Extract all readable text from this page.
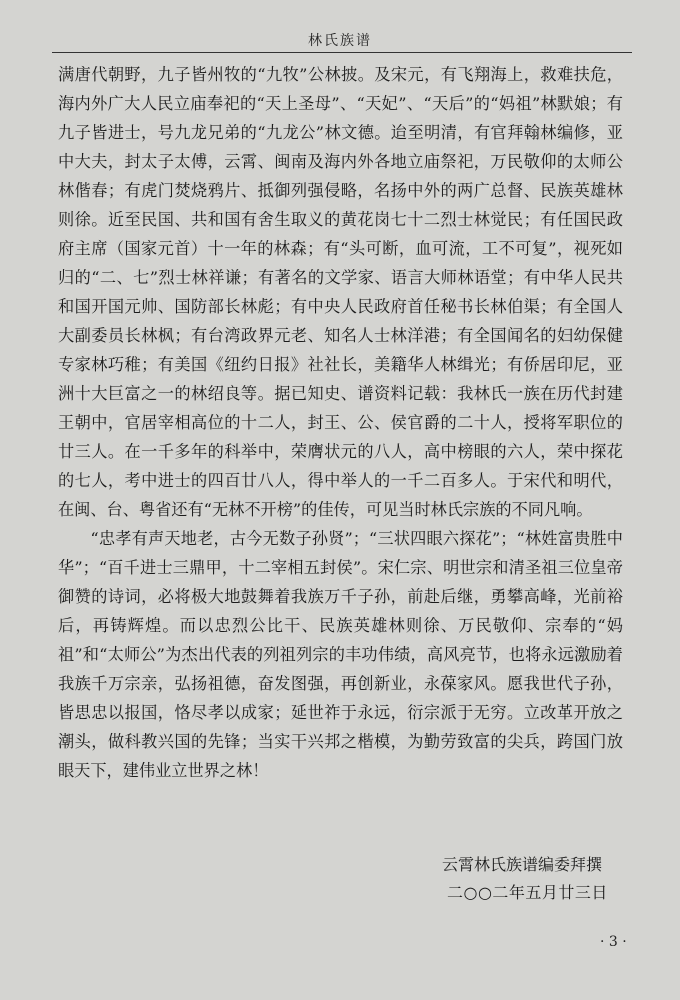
林氏族谱

满唐代朝野，九子皆州牧的“九牧”公林披。及宋元，有飞翔海上，救难扶危，海内外广大人民立庙奉祀的“天上圣母”、“天妃”、“天后”的“妈祖”林默娘；有九子皆进士，号九龙兄弟的“九龙公”林文德。迨至明清，有官拜翰林编修，亚中大夫，封太子太傅，云霄、闽南及海内外各地立庙祭祀，万民敬仰的太师公林偕春；有虎门焚烧鸦片、抵御列强侵略，名扬中外的两广总督、民族英雄林则徐。近至民国、共和国有舍生取义的黄花岗七十二烈士林觉民；有任国民政府主席（国家元首）十一年的林森；有“头可断，血可流，工不可复”，视死如归的“二、七”烈士林祥谦；有著名的文学家、语言大师林语堂；有中华人民共和国开国元帅、国防部长林彪；有中央人民政府首任秘书长林伯渠；有全国人大副委员长林枫；有台湾政界元老、知名人士林洋港；有全国闻名的妇幼保健专家林巧稚；有美国《纽约日报》社社长，美籍华人林缉光；有侨居印尼，亚洲十大巨富之一的林绍良等。据已知史、谱资料记载：我林氏一族在历代封建王朝中，官居宰相高位的十二人，封王、公、侯官爵的二十人，授将军职位的廿三人。在一千多年的科举中，荣膺状元的八人，高中榜眼的六人，荣中探花的七人，考中进士的四百廿八人，得中举人的一千二百多人。于宋代和明代，在闽、台、粤省还有“无林不开榜”的佳传，可见当时林氏宗族的不同凡响。

“忠孝有声天地老，古今无数子孙贤”；“三状四眼六探花”；“林姓富贵胜中华”；“百千进士三鼎甲，十二宰相五封侯”。宋仁宗、明世宗和清圣祖三位皇帝御赞的诗词，必将极大地鼓舞着我族万千子孙，前赴后继，勇攀高峰，光前裕后，再铸辉煌。而以忠烈公比干、民族英雄林则徐、万民敬仰、宗奉的“妈祖”和“太师公”为杰出代表的列祖列宗的丰功伟绩，高风亮节，也将永远激励着我族千万宗亲，弘扬祖德，奋发图强，再创新业，永葆家风。愿我世代子孙，皆思忠以报国，恪尽孝以成家；延世祚于永远，衍宗派于无穷。立改革开放之潮头，做科教兴国的先锋；当实干兴邦之楷模，为勤劳致富的尖兵，跨国门放眼天下，建伟业立世界之林！

云霄林氏族谱编委拜撰
二○○二年五月廿三日
· 3 ·
